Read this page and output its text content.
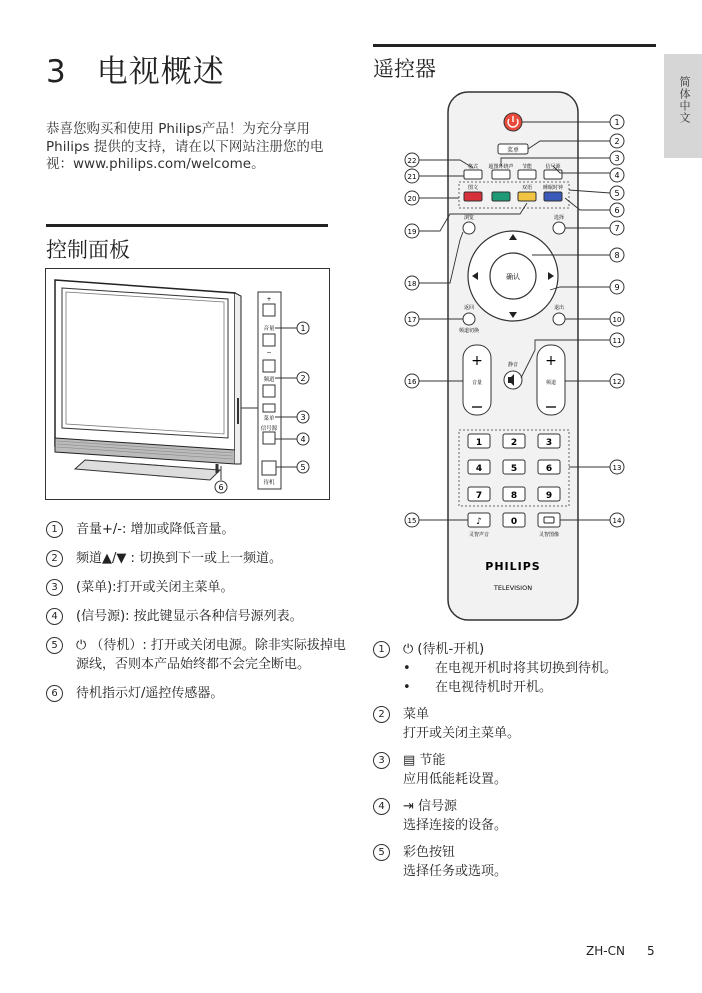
3 电视概述
恭喜您购买和使用 Philips产品！为充分享用Philips 提供的支持，请在以下网站注册您的电视：www.philips.com/welcome。
控制面板
音量
+
−
频道
菜单
信号源
待机
1
2
3
4
5
6
1	音量+/-: 增加或降低音量。
2	频道▲/▼ : 切换到下一或上一频道。
3	(菜单):打开或关闭主菜单。
4	(信号源): 按此键显示各种信号源列表。
5	⏻ （待机）: 打开或关闭电源。除非实际拔掉电源线，否则本产品始终都不会完全断电。
6	待机指示灯/遥控传感器。
遥控器
简体中文
菜单
格式 超图环绕声 节能	信号源
图文	双语 睡眠时钟
浏览	选择
确认
返回
频道切换
退出
+
音量
+
频道
静音
1	2	3
4	5	6
7	8	9
0
♪
灵智声音	灵智图像
PHILIPS
TELEVISION
1
2
3
4
5
6
7
8
9
10
11
12
13
14
22
21
20
19
18
17
16
15
1	⏻ (待机-开机)
• 在电视开机时将其切换到待机。
• 在电视待机时开机。
2	菜单
打开或关闭主菜单。
3	▤ 节能
应用低能耗设置。
4	⇥ 信号源
选择连接的设备。
5	彩色按钮
选择任务或选项。
ZH-CN 5
